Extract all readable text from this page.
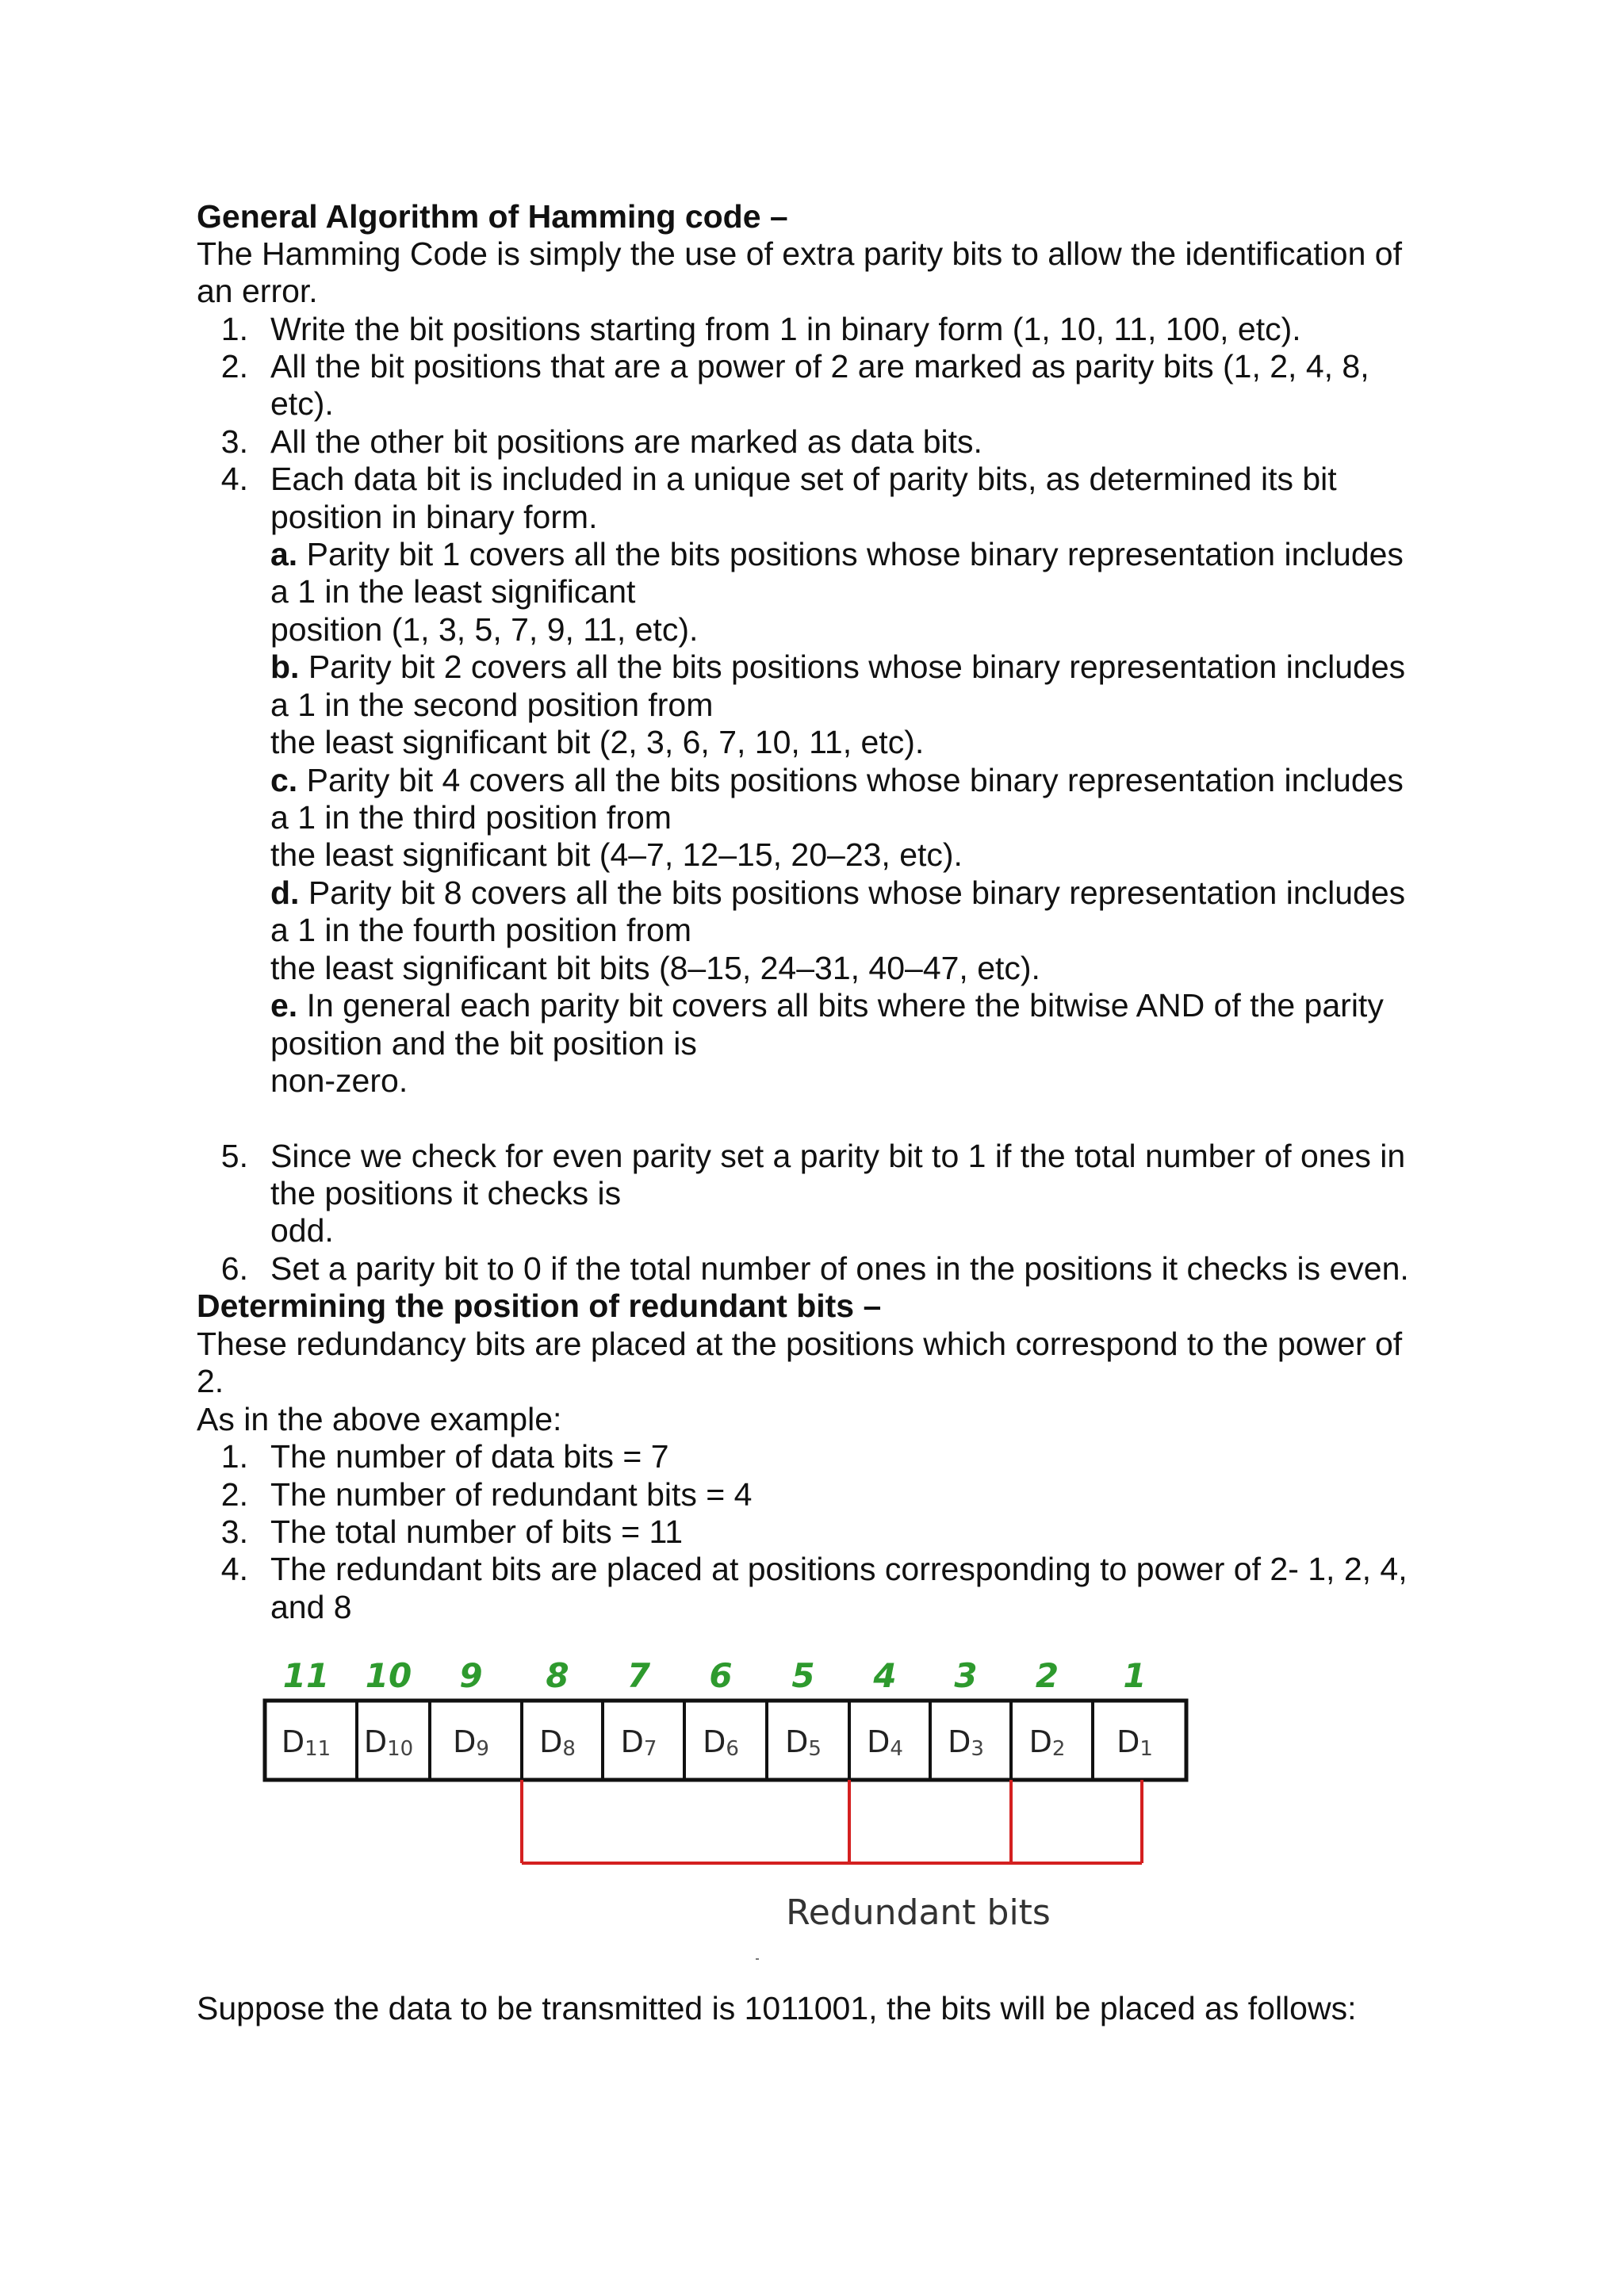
General Algorithm of Hamming code –
The Hamming Code is simply the use of extra parity bits to allow the identification of
an error.
1. Write the bit positions starting from 1 in binary form (1, 10, 11, 100, etc).
2. All the bit positions that are a power of 2 are marked as parity bits (1, 2, 4, 8,
etc).
3. All the other bit positions are marked as data bits.
4. Each data bit is included in a unique set of parity bits, as determined its bit
position in binary form.
a. Parity bit 1 covers all the bits positions whose binary representation includes
a 1 in the least significant
position (1, 3, 5, 7, 9, 11, etc).
b. Parity bit 2 covers all the bits positions whose binary representation includes
a 1 in the second position from
the least significant bit (2, 3, 6, 7, 10, 11, etc).
c. Parity bit 4 covers all the bits positions whose binary representation includes
a 1 in the third position from
the least significant bit (4–7, 12–15, 20–23, etc).
d. Parity bit 8 covers all the bits positions whose binary representation includes
a 1 in the fourth position from
the least significant bit bits (8–15, 24–31, 40–47, etc).
e. In general each parity bit covers all bits where the bitwise AND of the parity
position and the bit position is
non-zero.
5. Since we check for even parity set a parity bit to 1 if the total number of ones in
the positions it checks is
odd.
6. Set a parity bit to 0 if the total number of ones in the positions it checks is even.
Determining the position of redundant bits –
These redundancy bits are placed at the positions which correspond to the power of
2.
As in the above example:
1. The number of data bits = 7
2. The number of redundant bits = 4
3. The total number of bits = 11
4. The redundant bits are placed at positions corresponding to power of 2- 1, 2, 4,
and 8
11 10 9 8 7 6 5 4 3 2 1
D11 D10 D9 D8 D7 D6 D5 D4 D3 D2 D1
Redundant bits
Suppose the data to be transmitted is 1011001, the bits will be placed as follows:
